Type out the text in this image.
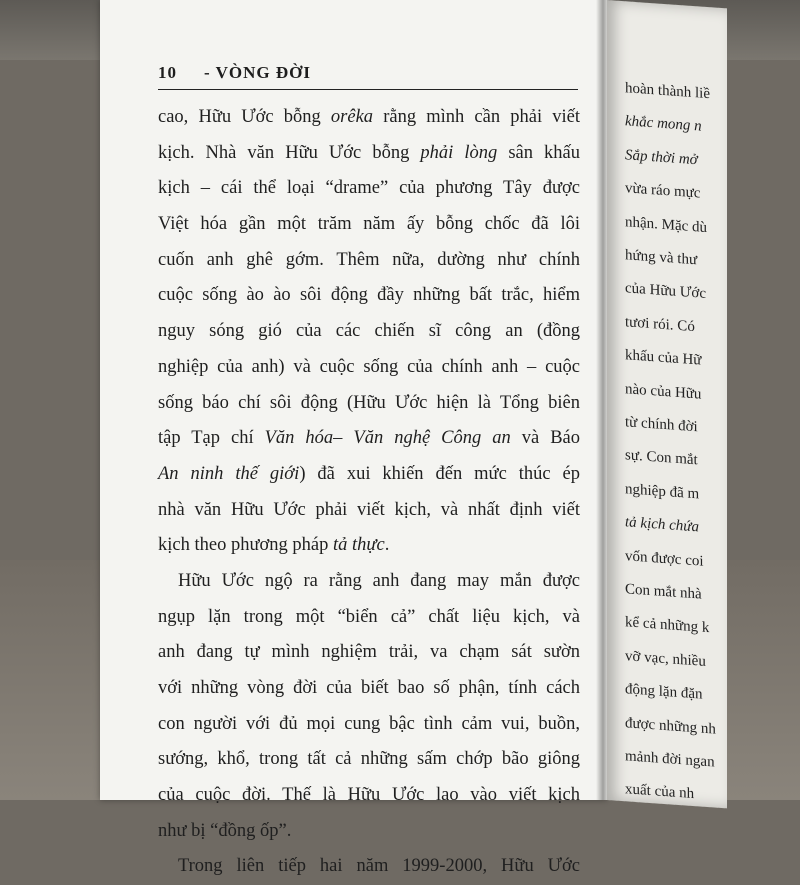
10 - VÒNG ĐỜI
cao, Hữu Ước bỗng orêka rằng mình cần phải viết
kịch. Nhà văn Hữu Ước bỗng phải lòng sân khấu
kịch – cái thể loại “drame” của phương Tây được
Việt hóa gần một trăm năm ấy bỗng chốc đã lôi
cuốn anh ghê gớm. Thêm nữa, dường như chính
cuộc sống ào ào sôi động đầy những bất trắc, hiểm
nguy sóng gió của các chiến sĩ công an (đồng
nghiệp của anh) và cuộc sống của chính anh – cuộc
sống báo chí sôi động (Hữu Ước hiện là Tổng biên
tập Tạp chí Văn hóa– Văn nghệ Công an và Báo
An ninh thế giới) đã xui khiến đến mức thúc ép
nhà văn Hữu Ước phải viết kịch, và nhất định viết
kịch theo phương pháp tả thực.
Hữu Ước ngộ ra rằng anh đang may mắn được
ngụp lặn trong một “biển cả” chất liệu kịch, và
anh đang tự mình nghiệm trải, va chạm sát sườn
với những vòng đời của biết bao số phận, tính cách
con người với đủ mọi cung bậc tình cảm vui, buồn,
sướng, khổ, trong tất cả những sấm chớp bão giông
của cuộc đời. Thế là Hữu Ước lao vào viết kịch
như bị “đồng ốp”.
Trong liên tiếp hai năm 1999-2000, Hữu Ước
hoàn thành liề
khắc mong n
Sắp thời mở
vừa ráo mực
nhận. Mặc dù
hứng và thư
của Hữu Ước
tươi rói. Có
khấu của Hữ
nào của Hữu
từ chính đời
sự. Con mắt
nghiệp đã m
tả kịch chứa
vốn được coi
Con mắt nhà
kể cả những k
vỡ vạc, nhiều
động lặn đặn
được những nh
mảnh đời ngan
xuất của nh
